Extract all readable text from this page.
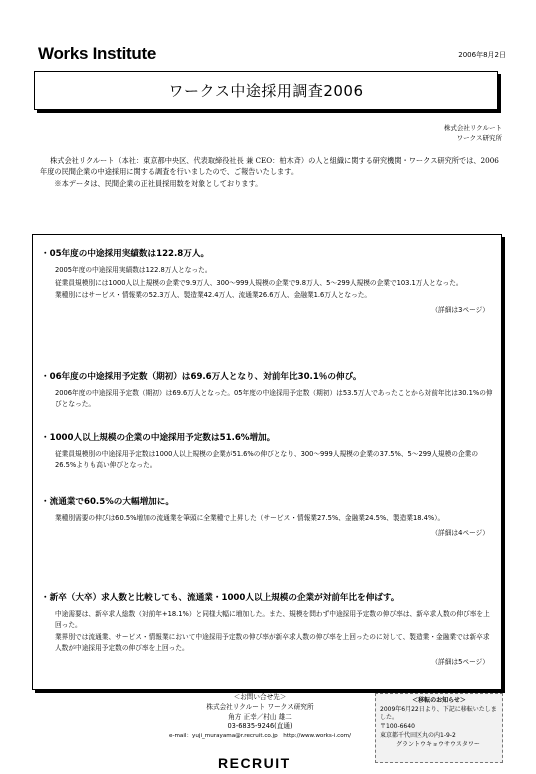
Works Institute	2006年8月2日
ワークス中途採用調査2006
株式会社リクルート
ワークス研究所

株式会社リクルート（本社：東京都中央区、代表取締役社長 兼 CEO：柏木斉）の人と組織に関する研究機関・ワークス研究所では、2006年度の民間企業の中途採用に関する調査を行いましたので、ご報告いたします。

※本データは、民間企業の正社員採用数を対象としております。

・05年度の中途採用実績数は122.8万人。

2005年度の中途採用実績数は122.8万人となった。

従業員規模別には1000人以上規模の企業で9.9万人、300～999人規模の企業で9.8万人、5～299人規模の企業で103.1万人となった。

業種別にはサービス・情報業の52.3万人、製造業42.4万人、流通業26.6万人、金融業1.6万人となった。

（詳細は3ページ）
・06年度の中途採用予定数（期初）は69.6万人となり、対前年比30.1％の伸び。

2006年度の中途採用予定数（期初）は69.6万人となった。05年度の中途採用予定数（期初）は53.5万人であったことから対前年比は30.1%の伸びとなった。

・1000人以上規模の企業の中途採用予定数は51.6%増加。

従業員規模別の中途採用予定数は1000人以上規模の企業が51.6%の伸びとなり、300～999人規模の企業の37.5%、5～299人規模の企業の26.5%よりも高い伸びとなった。

・流通業で60.5%の大幅増加に。

業種別需要の伸びは60.5%増加の流通業を筆頭に全業種で上昇した（サービス・情報業27.5%、金融業24.5%、製造業18.4%）。

（詳細は4ページ）
・新卒（大卒）求人数と比較しても、流通業・1000人以上規模の企業が対前年比を伸ばす。

中途需要は、新卒求人総数（対前年+18.1%）と同様大幅に増加した。また、規模を問わず中途採用予定数の伸び率は、新卒求人数の伸び率を上回った。

業界別では流通業、サービス・情報業において中途採用予定数の伸び率が新卒求人数の伸び率を上回ったのに対して、製造業・金融業では新卒求人数が中途採用予定数の伸び率を上回った。

（詳細は5ページ）
＜お問い合せ先＞
株式会社リクルート ワークス研究所
角方 正幸／村山 雄二
03-6835-9246(直通)
e-mail：yuji_murayama@r.recruit.co.jp　http://www.works-i.com/
＜移転のお知らせ＞
2009年6月22日より、下記に移転いたしました。
〒100-6640
東京都千代田区丸の内1-9-2
グラントウキョウサウスタワー
RECRUIT
